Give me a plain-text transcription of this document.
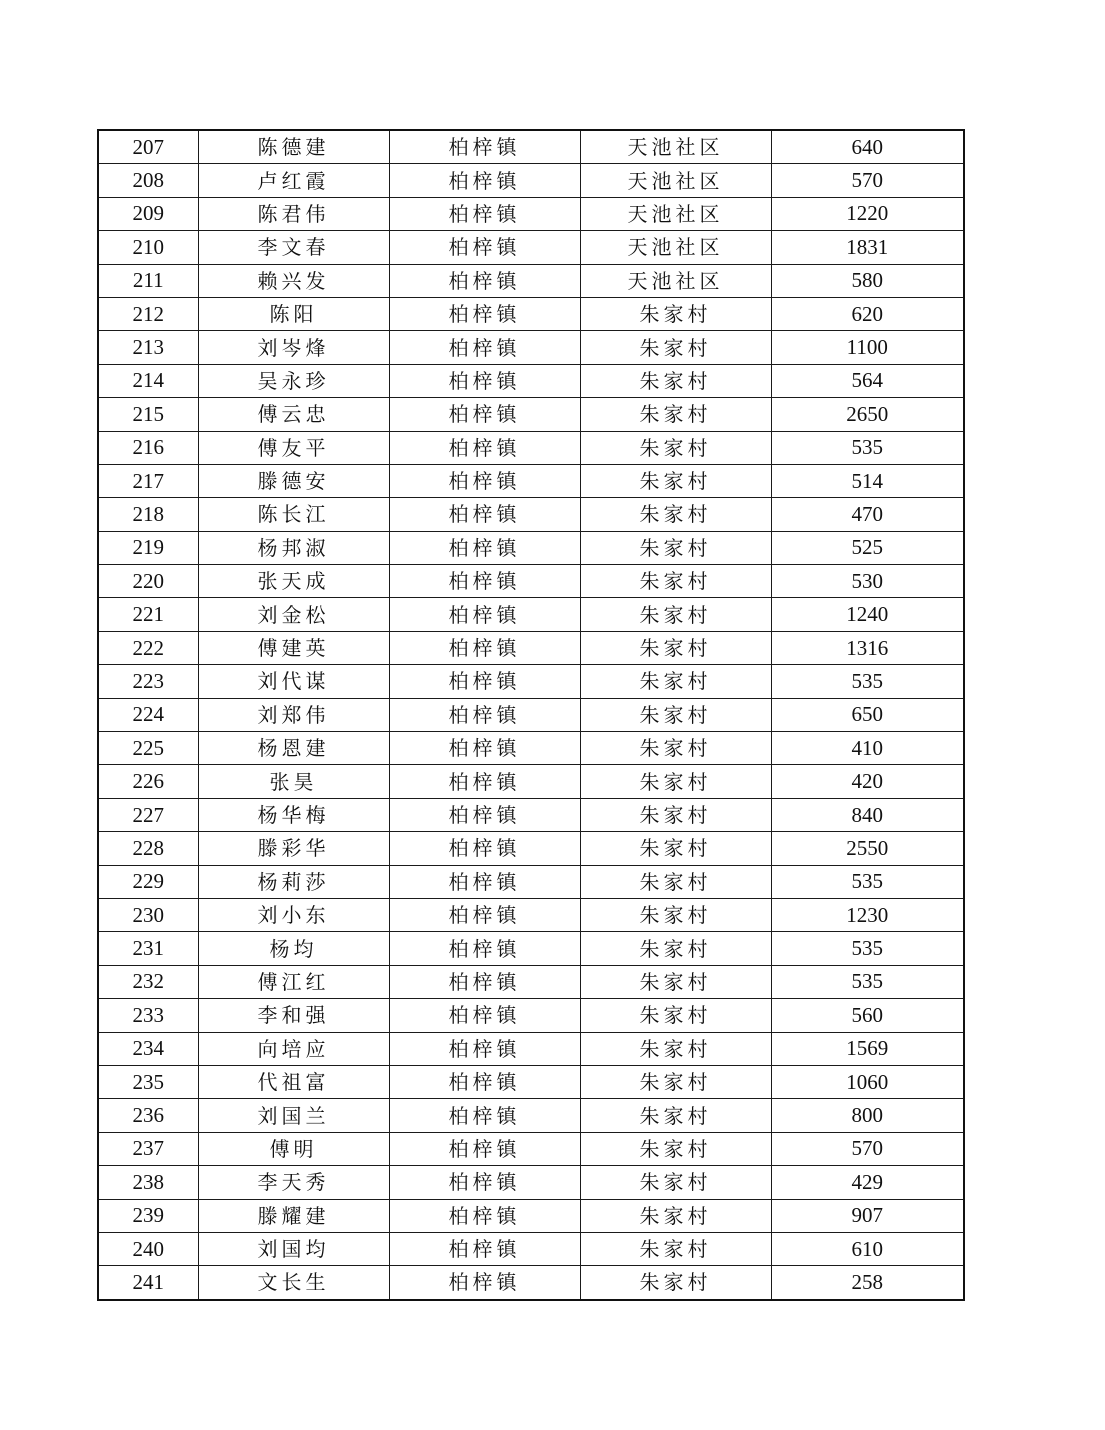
207	陈德建	柏梓镇	天池社区	640
208	卢红霞	柏梓镇	天池社区	570
209	陈君伟	柏梓镇	天池社区	1220
210	李文春	柏梓镇	天池社区	1831
211	赖兴发	柏梓镇	天池社区	580
212	陈阳	柏梓镇	朱家村	620
213	刘岑烽	柏梓镇	朱家村	1100
214	吴永珍	柏梓镇	朱家村	564
215	傅云忠	柏梓镇	朱家村	2650
216	傅友平	柏梓镇	朱家村	535
217	滕德安	柏梓镇	朱家村	514
218	陈长江	柏梓镇	朱家村	470
219	杨邦淑	柏梓镇	朱家村	525
220	张天成	柏梓镇	朱家村	530
221	刘金松	柏梓镇	朱家村	1240
222	傅建英	柏梓镇	朱家村	1316
223	刘代谋	柏梓镇	朱家村	535
224	刘郑伟	柏梓镇	朱家村	650
225	杨恩建	柏梓镇	朱家村	410
226	张昊	柏梓镇	朱家村	420
227	杨华梅	柏梓镇	朱家村	840
228	滕彩华	柏梓镇	朱家村	2550
229	杨莉莎	柏梓镇	朱家村	535
230	刘小东	柏梓镇	朱家村	1230
231	杨均	柏梓镇	朱家村	535
232	傅江红	柏梓镇	朱家村	535
233	李和强	柏梓镇	朱家村	560
234	向培应	柏梓镇	朱家村	1569
235	代祖富	柏梓镇	朱家村	1060
236	刘国兰	柏梓镇	朱家村	800
237	傅明	柏梓镇	朱家村	570
238	李天秀	柏梓镇	朱家村	429
239	滕耀建	柏梓镇	朱家村	907
240	刘国均	柏梓镇	朱家村	610
241	文长生	柏梓镇	朱家村	258
